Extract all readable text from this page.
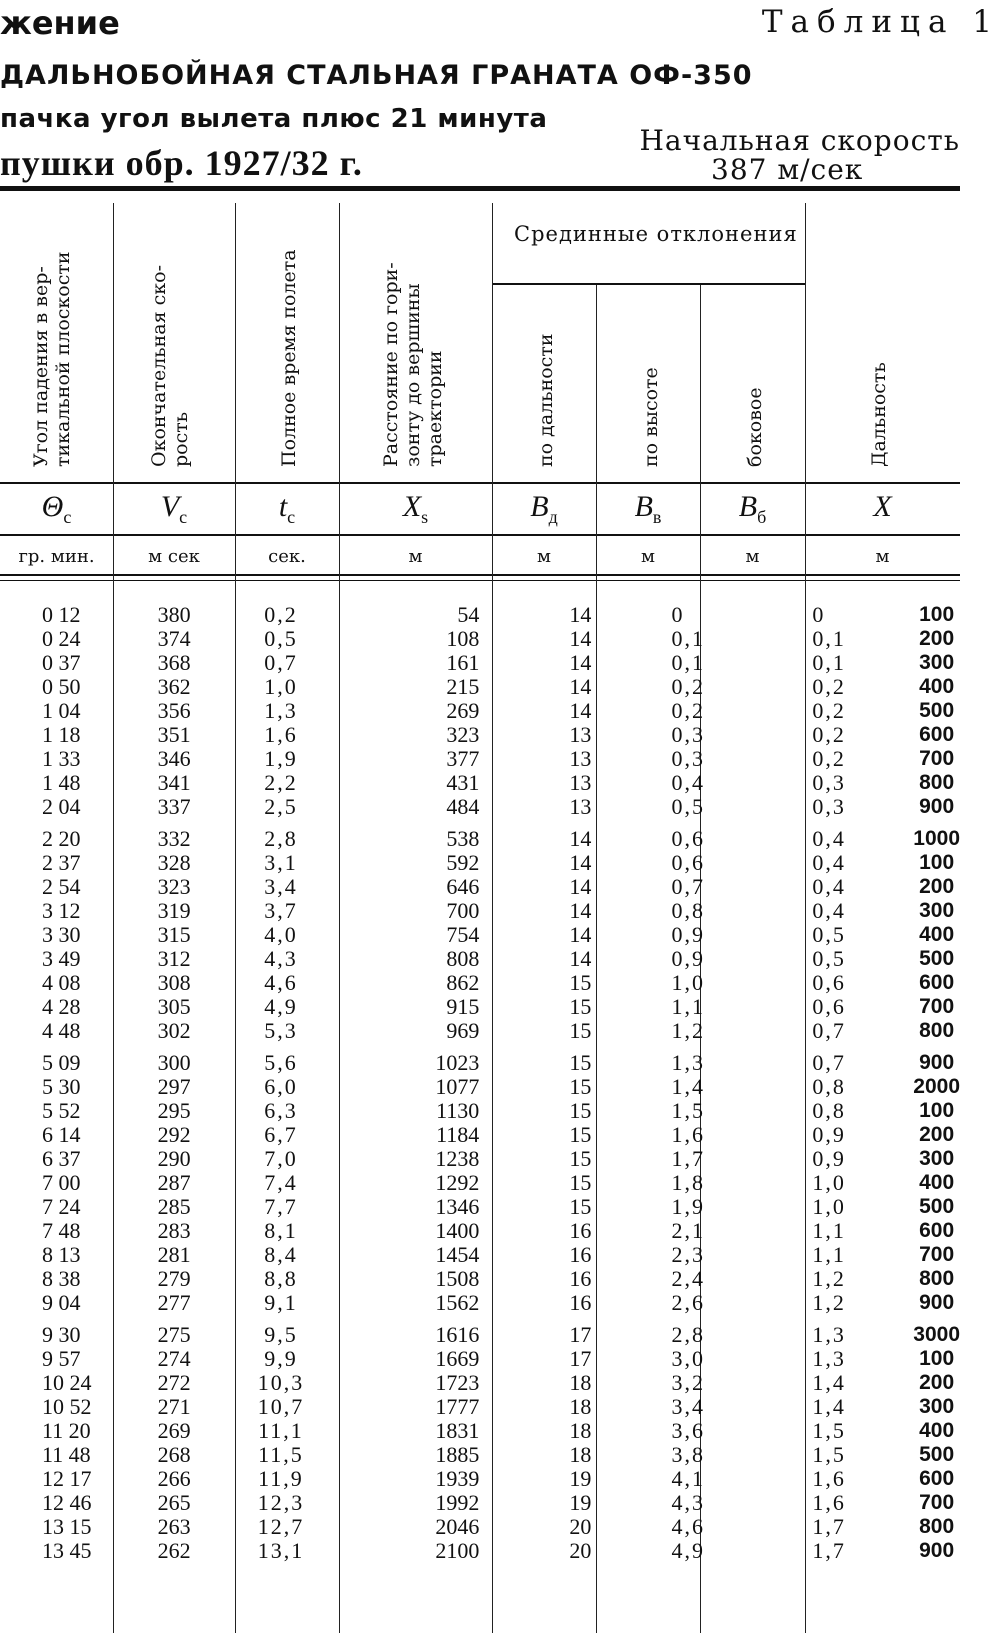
жение	Таблица 1
ДАЛЬНОБОЙНАЯ СТАЛЬНАЯ ГРАНАТА ОФ-350
пачка угол вылета плюс 21 минута
пушки обр. 1927/32 г.
Начальная скорость
387 м/сек
Угол падения в вер- тикальной плоскости	Окончательная ско- рость	Полное время полета	Расстояние по гори- зонту до вершины траектории
Срединные отклонения
по дальности	по высоте	боковое	Дальность
$\Theta_c$	$V_c$	$t_c$	$X_s$	$B_д$	$B_в$	$B_б$	X
гр. мин.	м сек	сек.	м	м	м	м	м
0 12	380	0,2	54	14	0	0	100
0 24	374	0,5	108	14	0,1	0,1	200
0 37	368	0,7	161	14	0,1	0,1	300
0 50	362	1,0	215	14	0,2	0,2	400
1 04	356	1,3	269	14	0,2	0,2	500
1 18	351	1,6	323	13	0,3	0,2	600
1 33	346	1,9	377	13	0,3	0,2	700
1 48	341	2,2	431	13	0,4	0,3	800
2 04	337	2,5	484	13	0,5	0,3	900
2 20	332	2,8	538	14	0,6	0,4	1000
2 37	328	3,1	592	14	0,6	0,4	100
2 54	323	3,4	646	14	0,7	0,4	200
3 12	319	3,7	700	14	0,8	0,4	300
3 30	315	4,0	754	14	0,9	0,5	400
3 49	312	4,3	808	14	0,9	0,5	500
4 08	308	4,6	862	15	1,0	0,6	600
4 28	305	4,9	915	15	1,1	0,6	700
4 48	302	5,3	969	15	1,2	0,7	800
5 09	300	5,6	1023	15	1,3	0,7	900
5 30	297	6,0	1077	15	1,4	0,8	2000
5 52	295	6,3	1130	15	1,5	0,8	100
6 14	292	6,7	1184	15	1,6	0,9	200
6 37	290	7,0	1238	15	1,7	0,9	300
7 00	287	7,4	1292	15	1,8	1,0	400
7 24	285	7,7	1346	15	1,9	1,0	500
7 48	283	8,1	1400	16	2,1	1,1	600
8 13	281	8,4	1454	16	2,3	1,1	700
8 38	279	8,8	1508	16	2,4	1,2	800
9 04	277	9,1	1562	16	2,6	1,2	900
9 30	275	9,5	1616	17	2,8	1,3	3000
9 57	274	9,9	1669	17	3,0	1,3	100
10 24	272	10,3	1723	18	3,2	1,4	200
10 52	271	10,7	1777	18	3,4	1,4	300
11 20	269	11,1	1831	18	3,6	1,5	400
11 48	268	11,5	1885	18	3,8	1,5	500
12 17	266	11,9	1939	19	4,1	1,6	600
12 46	265	12,3	1992	19	4,3	1,6	700
13 15	263	12,7	2046	20	4,6	1,7	800
13 45	262	13,1	2100	20	4,9	1,7	900
